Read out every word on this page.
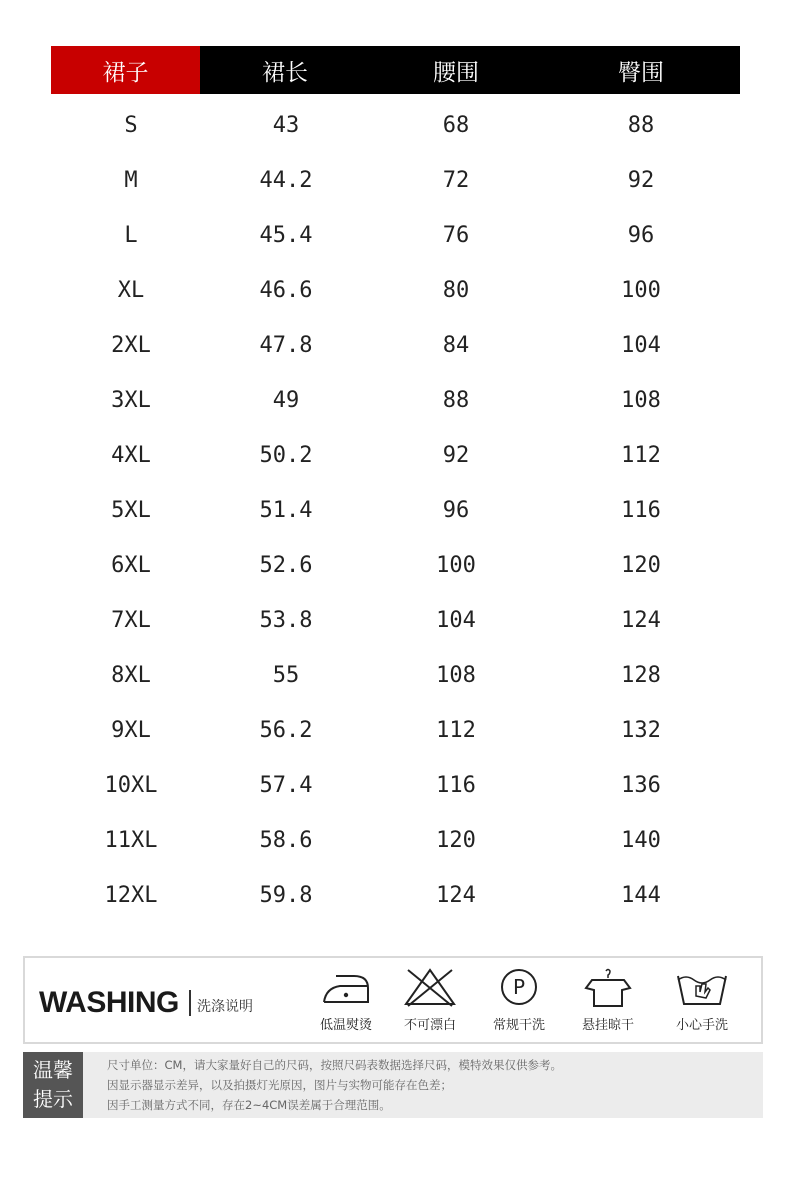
裙子	裙长	腰围	臀围
S	43	68	88
M	44.2	72	92
L	45.4	76	96
XL	46.6	80	100
2XL	47.8	84	104
3XL	49	88	108
4XL	50.2	92	112
5XL	51.4	96	116
6XL	52.6	100	120
7XL	53.8	104	124
8XL	55	108	128
9XL	56.2	112	132
10XL	57.4	116	136
11XL	58.6	120	140
12XL	59.8	124	144
WASHING 洗涤说明
低温熨烫	不可漂白
P
常规干洗	悬挂晾干	小心手洗
温馨
提示
尺寸单位：CM，请大家量好自己的尺码，按照尺码表数据选择尺码，模特效果仅供参考。
因显示器显示差异，以及拍摄灯光原因，图片与实物可能存在色差；
因手工测量方式不同，存在2~4CM误差属于合理范围。
